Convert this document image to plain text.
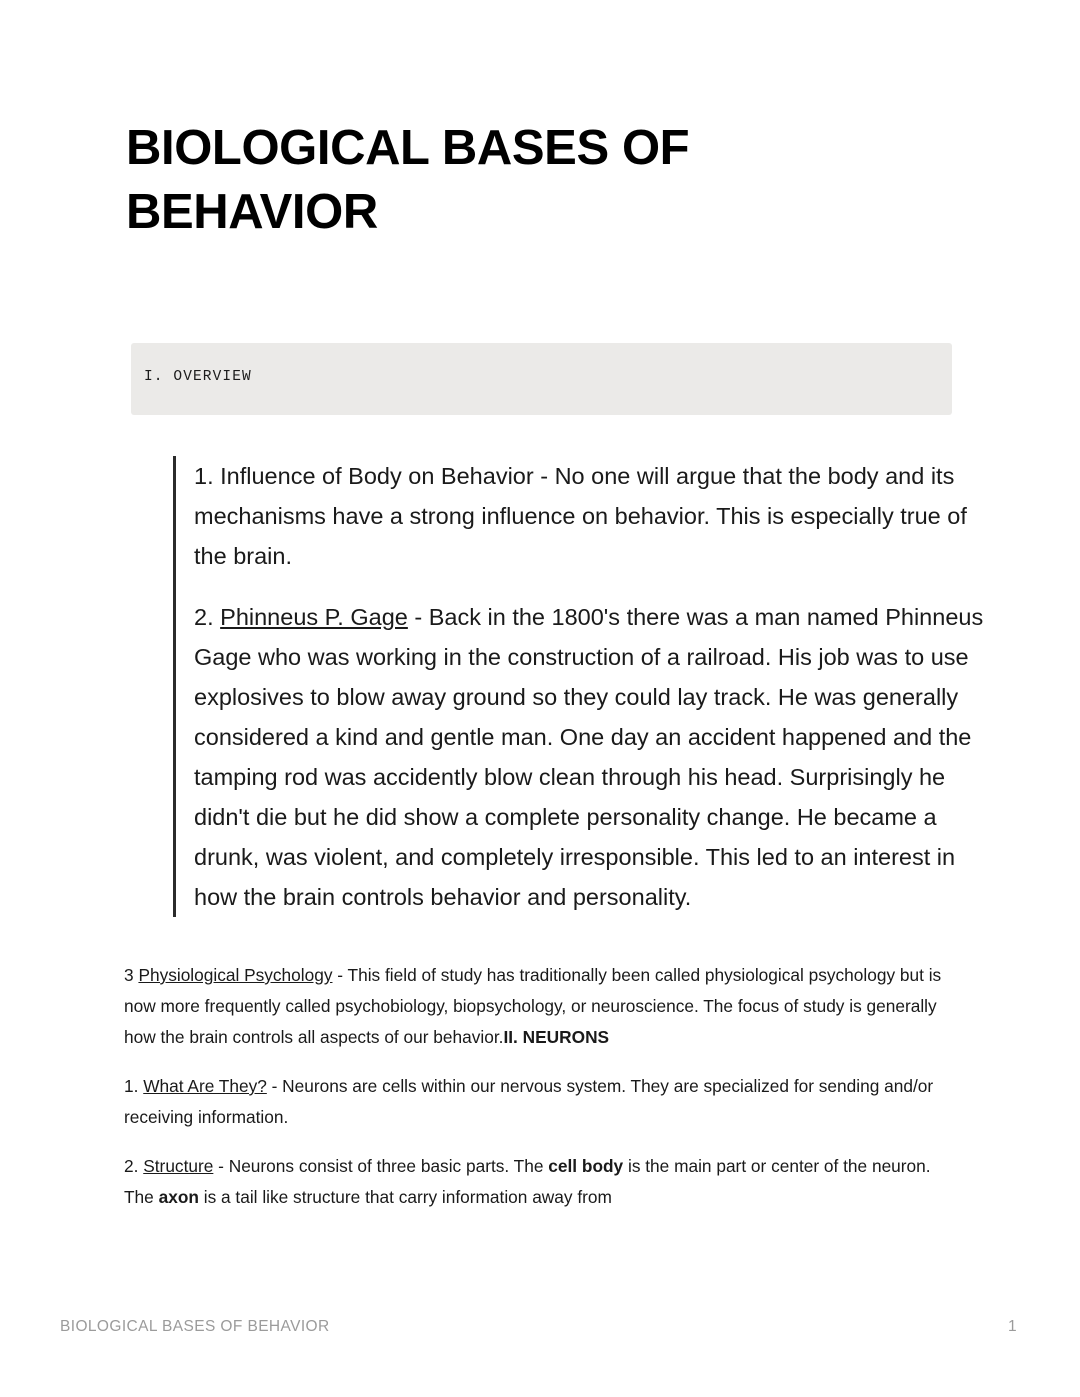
BIOLOGICAL BASES OF BEHAVIOR
I. OVERVIEW

1. Influence of Body on Behavior - No one will argue that the body and its mechanisms have a strong influence on behavior. This is especially true of the brain.

2. Phinneus P. Gage - Back in the 1800's there was a man named Phinneus Gage who was working in the construction of a railroad. His job was to use explosives to blow away ground so they could lay track. He was generally considered a kind and gentle man. One day an accident happened and the tamping rod was accidently blow clean through his head. Surprisingly he didn't die but he did show a complete personality change. He became a drunk, was violent, and completely irresponsible. This led to an interest in how the brain controls behavior and personality.

3 Physiological Psychology - This field of study has traditionally been called physiological psychology but is now more frequently called psychobiology, biopsychology, or neuroscience. The focus of study is generally how the brain controls all aspects of our behavior.II. NEURONS

1. What Are They? - Neurons are cells within our nervous system. They are specialized for sending and/or receiving information.

2. Structure - Neurons consist of three basic parts. The cell body is the main part or center of the neuron. The axon is a tail like structure that carry information away from

BIOLOGICAL BASES OF BEHAVIOR	1
